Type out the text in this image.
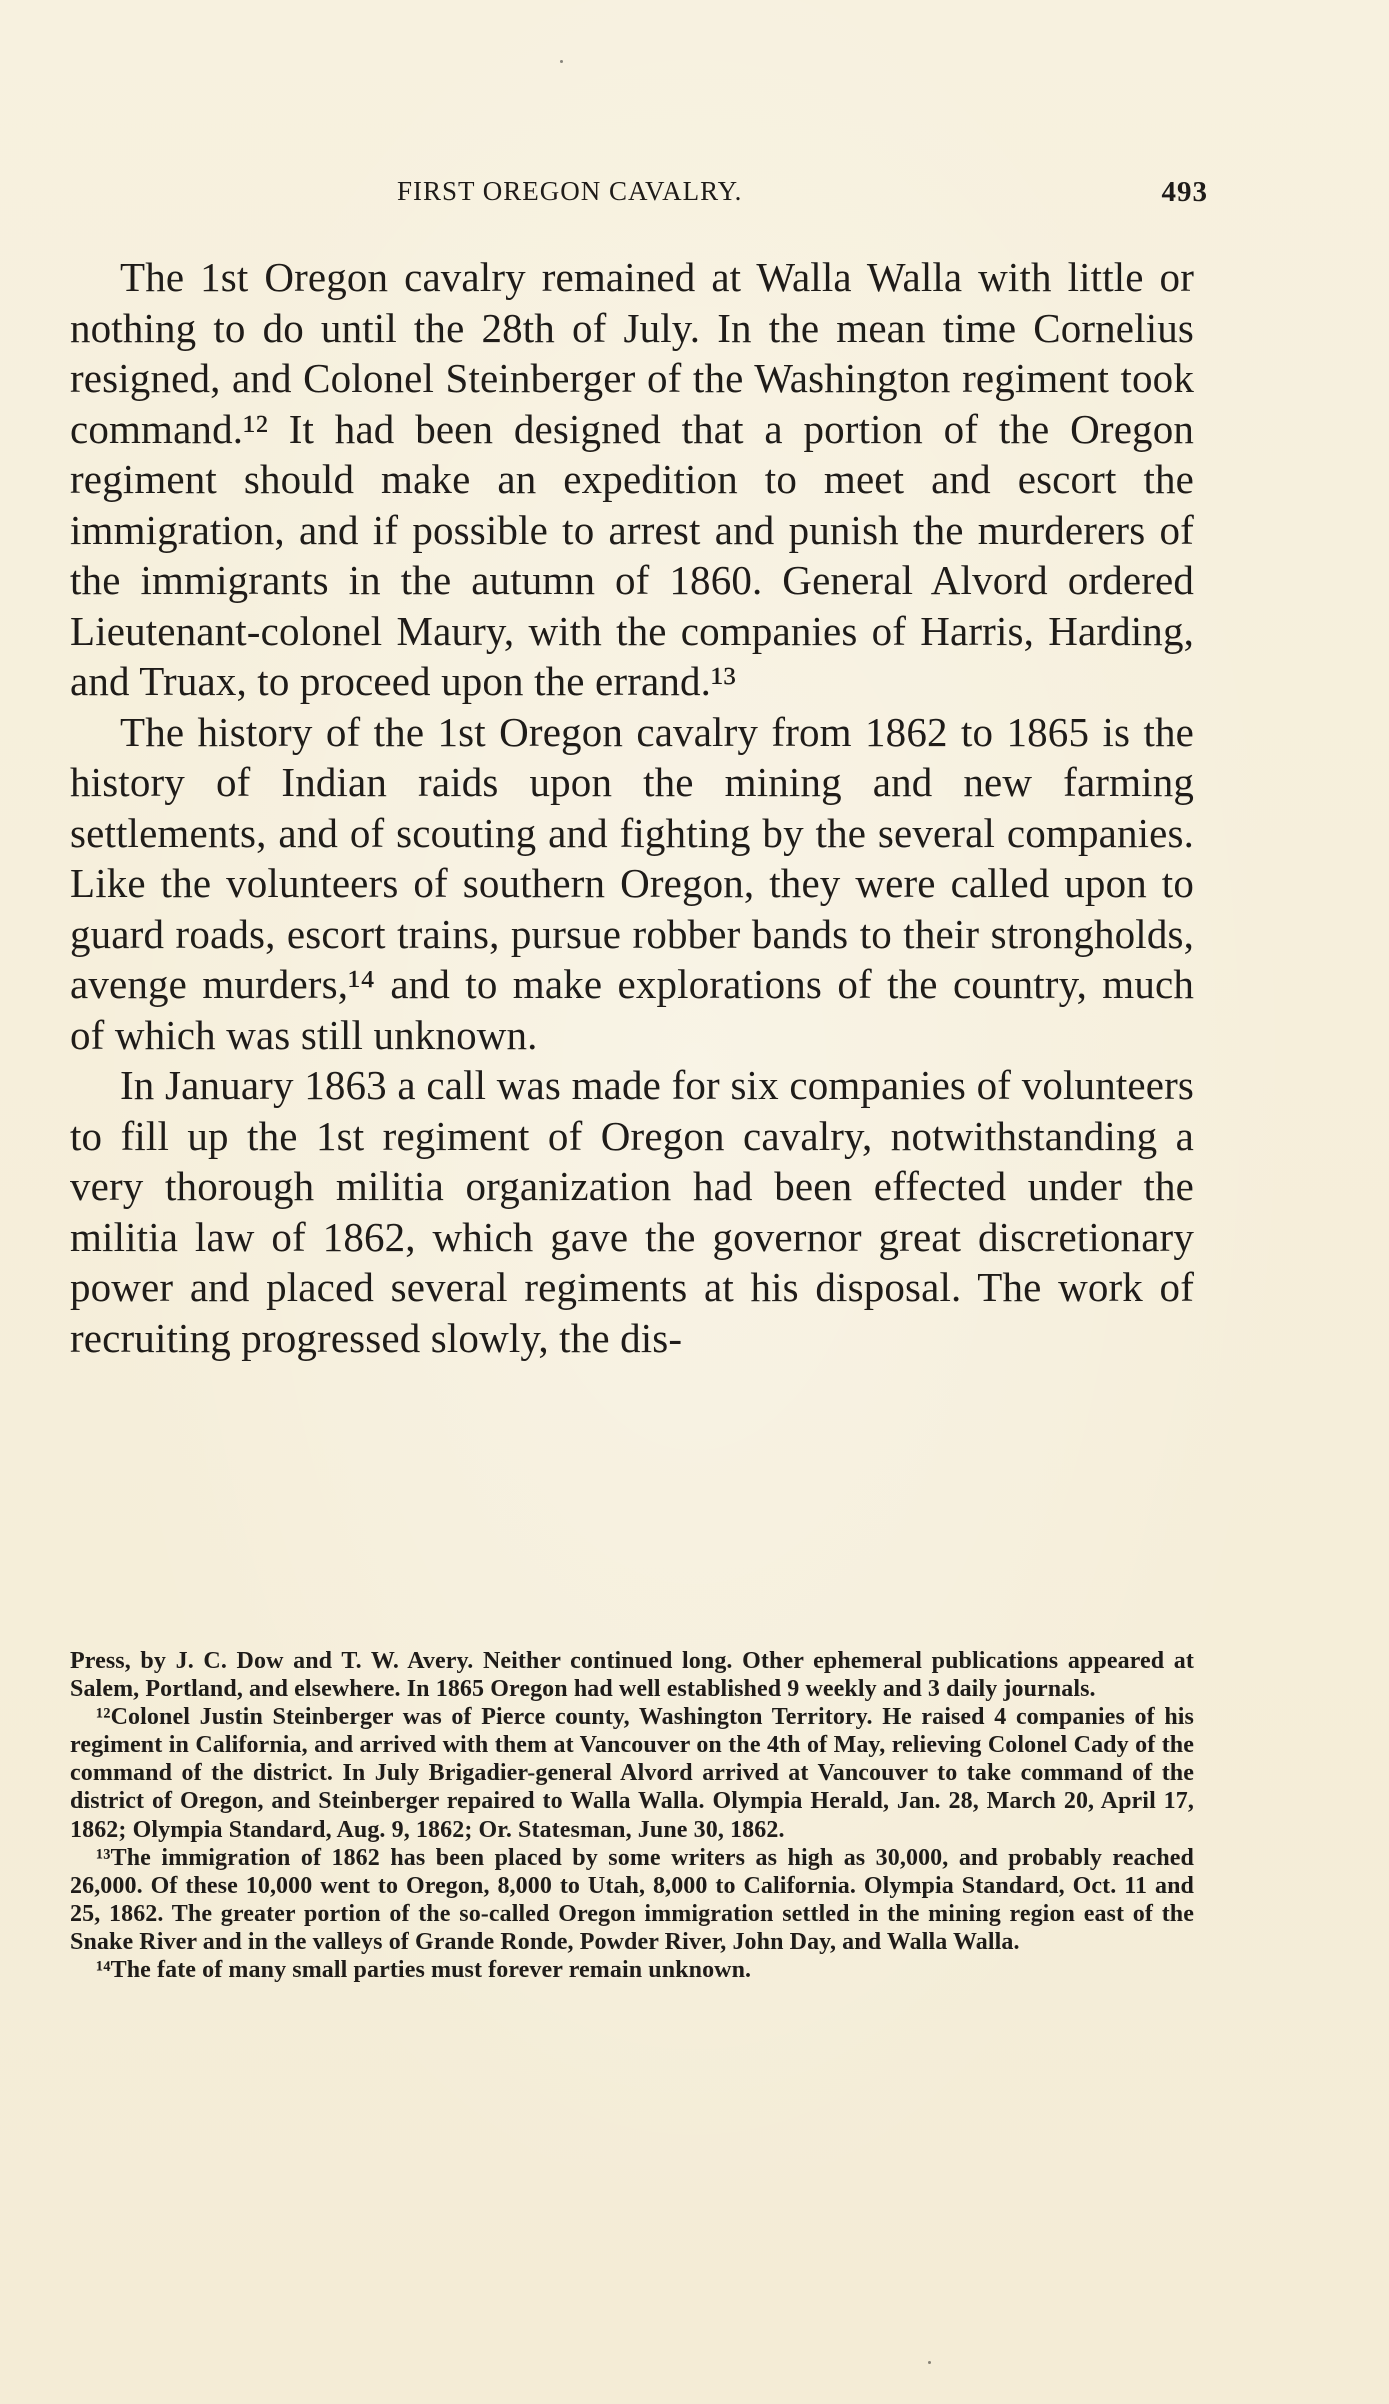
FIRST OREGON CAVALRY.	493

The 1st Oregon cavalry remained at Walla Walla with little or nothing to do until the 28th of July. In the mean time Cornelius resigned, and Colonel Steinberger of the Washington regiment took command.¹² It had been designed that a portion of the Oregon regiment should make an expedition to meet and escort the immigration, and if possible to arrest and punish the murderers of the immigrants in the autumn of 1860. General Alvord ordered Lieutenant-colonel Maury, with the companies of Harris, Harding, and Truax, to proceed upon the errand.¹³

The history of the 1st Oregon cavalry from 1862 to 1865 is the history of Indian raids upon the mining and new farming settlements, and of scouting and fighting by the several companies. Like the volunteers of southern Oregon, they were called upon to guard roads, escort trains, pursue robber bands to their strongholds, avenge murders,¹⁴ and to make explorations of the country, much of which was still unknown.

In January 1863 a call was made for six companies of volunteers to fill up the 1st regiment of Oregon cavalry, notwithstanding a very thorough militia organization had been effected under the militia law of 1862, which gave the governor great discretionary power and placed several regiments at his disposal. The work of recruiting progressed slowly, the dis-

Press, by J. C. Dow and T. W. Avery. Neither continued long. Other ephemeral publications appeared at Salem, Portland, and elsewhere. In 1865 Oregon had well established 9 weekly and 3 daily journals.

¹²Colonel Justin Steinberger was of Pierce county, Washington Territory. He raised 4 companies of his regiment in California, and arrived with them at Vancouver on the 4th of May, relieving Colonel Cady of the command of the district. In July Brigadier-general Alvord arrived at Vancouver to take command of the district of Oregon, and Steinberger repaired to Walla Walla. Olympia Herald, Jan. 28, March 20, April 17, 1862; Olympia Standard, Aug. 9, 1862; Or. Statesman, June 30, 1862.

¹³The immigration of 1862 has been placed by some writers as high as 30,000, and probably reached 26,000. Of these 10,000 went to Oregon, 8,000 to Utah, 8,000 to California. Olympia Standard, Oct. 11 and 25, 1862. The greater portion of the so-called Oregon immigration settled in the mining region east of the Snake River and in the valleys of Grande Ronde, Powder River, John Day, and Walla Walla.

¹⁴The fate of many small parties must forever remain unknown.
